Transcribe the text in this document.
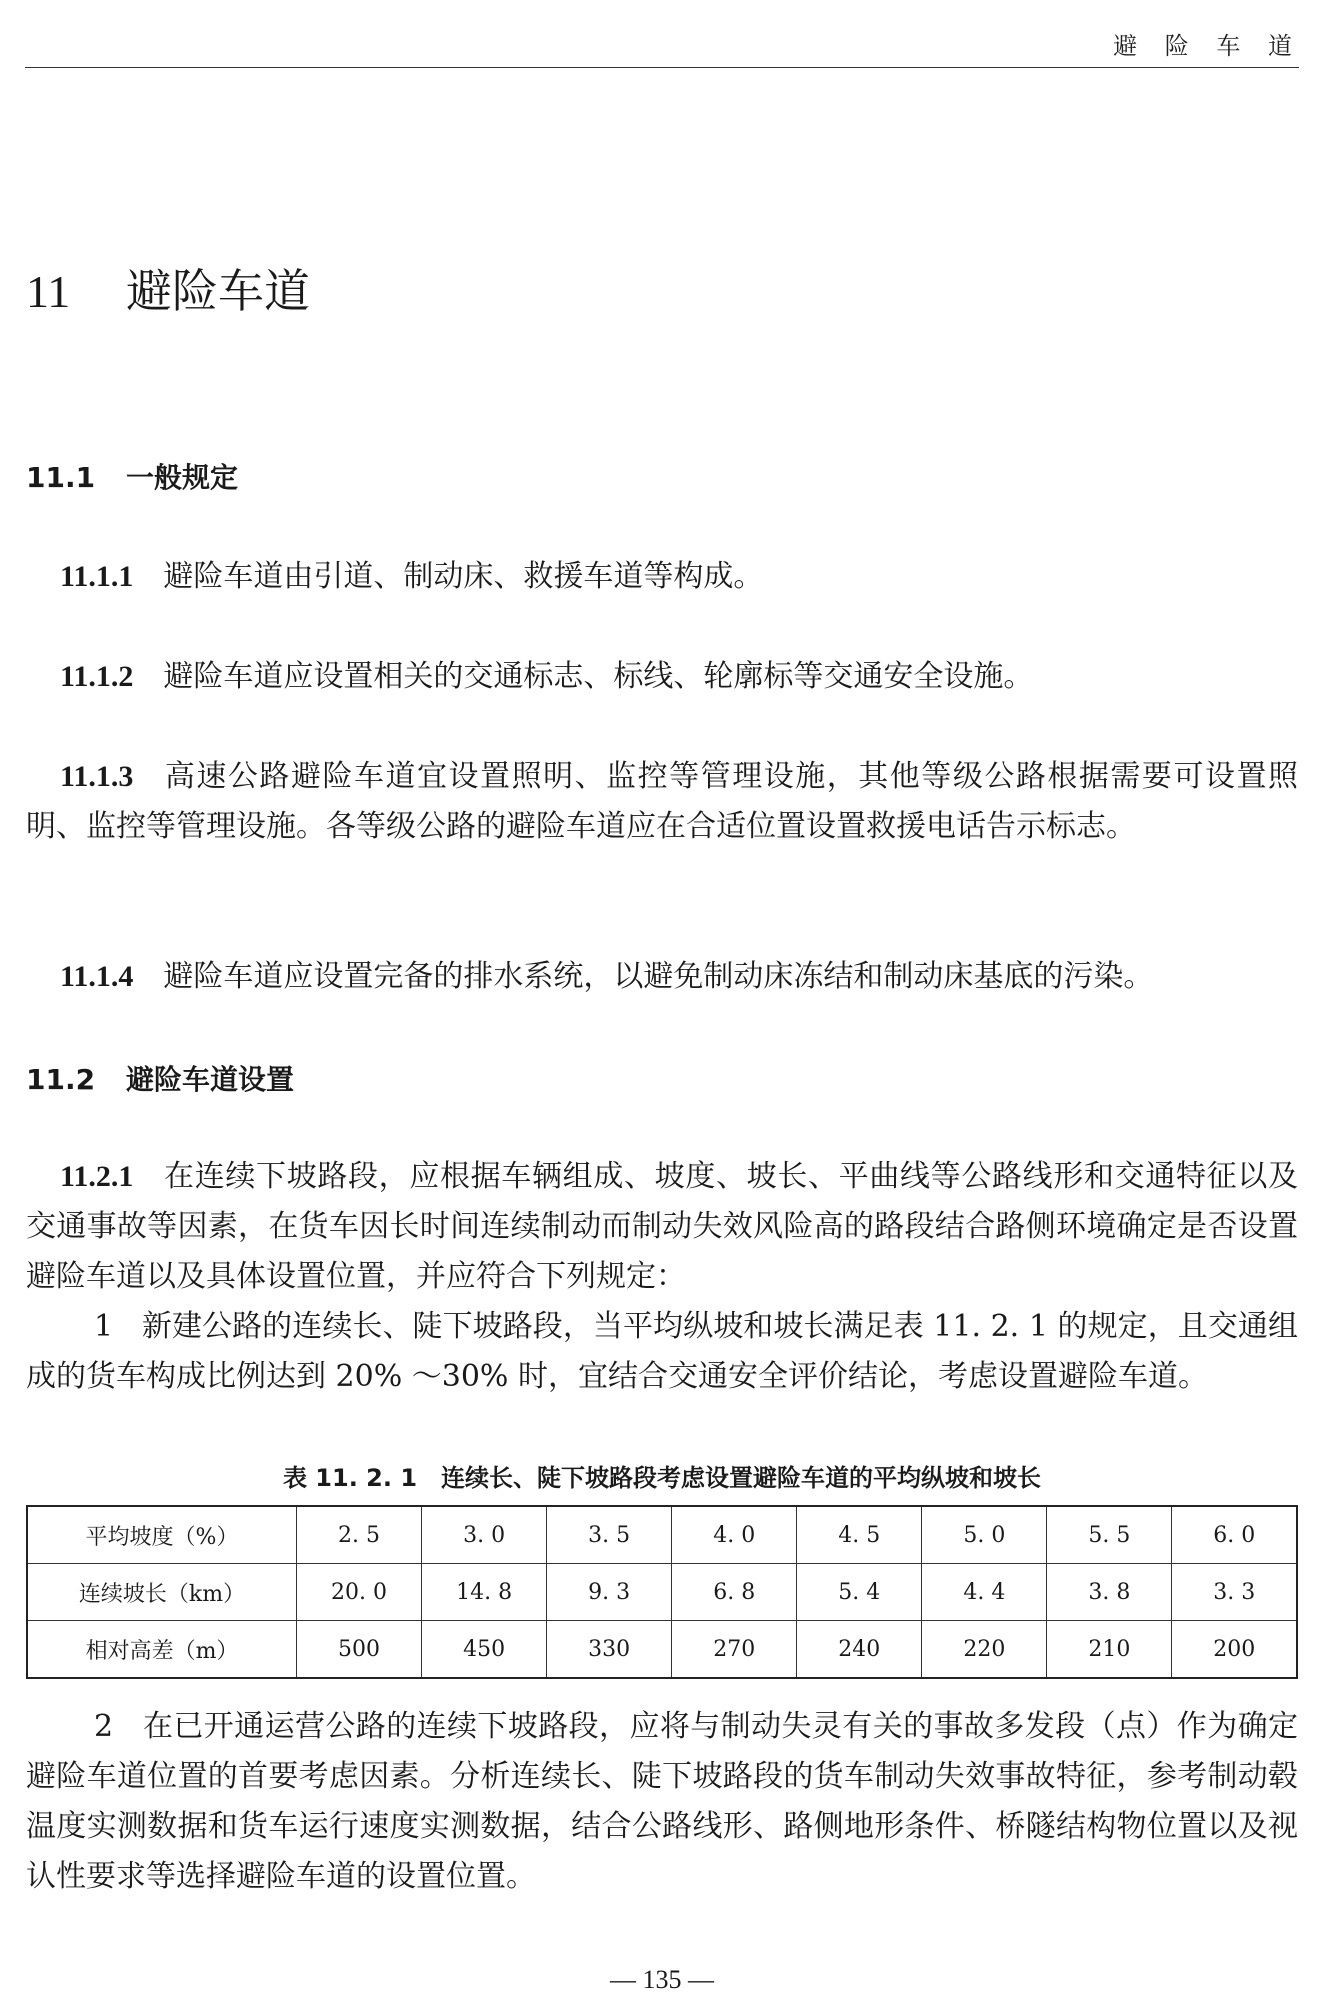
避 险 车 道
11 避险车道
11.1 一般规定

11.1.1 避险车道由引道、制动床、救援车道等构成。

11.1.2 避险车道应设置相关的交通标志、标线、轮廓标等交通安全设施。

11.1.3 高速公路避险车道宜设置照明、监控等管理设施，其他等级公路根据需要可设置照明、监控等管理设施。各等级公路的避险车道应在合适位置设置救援电话告示标志。

11.1.4 避险车道应设置完备的排水系统，以避免制动床冻结和制动床基底的污染。

11.2 避险车道设置

11.2.1 在连续下坡路段，应根据车辆组成、坡度、坡长、平曲线等公路线形和交通特征以及交通事故等因素，在货车因长时间连续制动而制动失效风险高的路段结合路侧环境确定是否设置避险车道以及具体设置位置，并应符合下列规定：

1 新建公路的连续长、陡下坡路段，当平均纵坡和坡长满足表 11. 2. 1 的规定，且交通组成的货车构成比例达到 20% ～30% 时，宜结合交通安全评价结论，考虑设置避险车道。

表 11. 2. 1　连续长、陡下坡路段考虑设置避险车道的平均纵坡和坡长

平均坡度（%）	2. 5	3. 0	3. 5	4. 0	4. 5	5. 0	5. 5	6. 0
连续坡长（km）	20. 0	14. 8	9. 3	6. 8	5. 4	4. 4	3. 8	3. 3
相对高差（m）	500	450	330	270	240	220	210	200

2 在已开通运营公路的连续下坡路段，应将与制动失灵有关的事故多发段（点）作为确定避险车道位置的首要考虑因素。分析连续长、陡下坡路段的货车制动失效事故特征，参考制动毂温度实测数据和货车运行速度实测数据，结合公路线形、路侧地形条件、桥隧结构物位置以及视认性要求等选择避险车道的设置位置。

— 135 —
